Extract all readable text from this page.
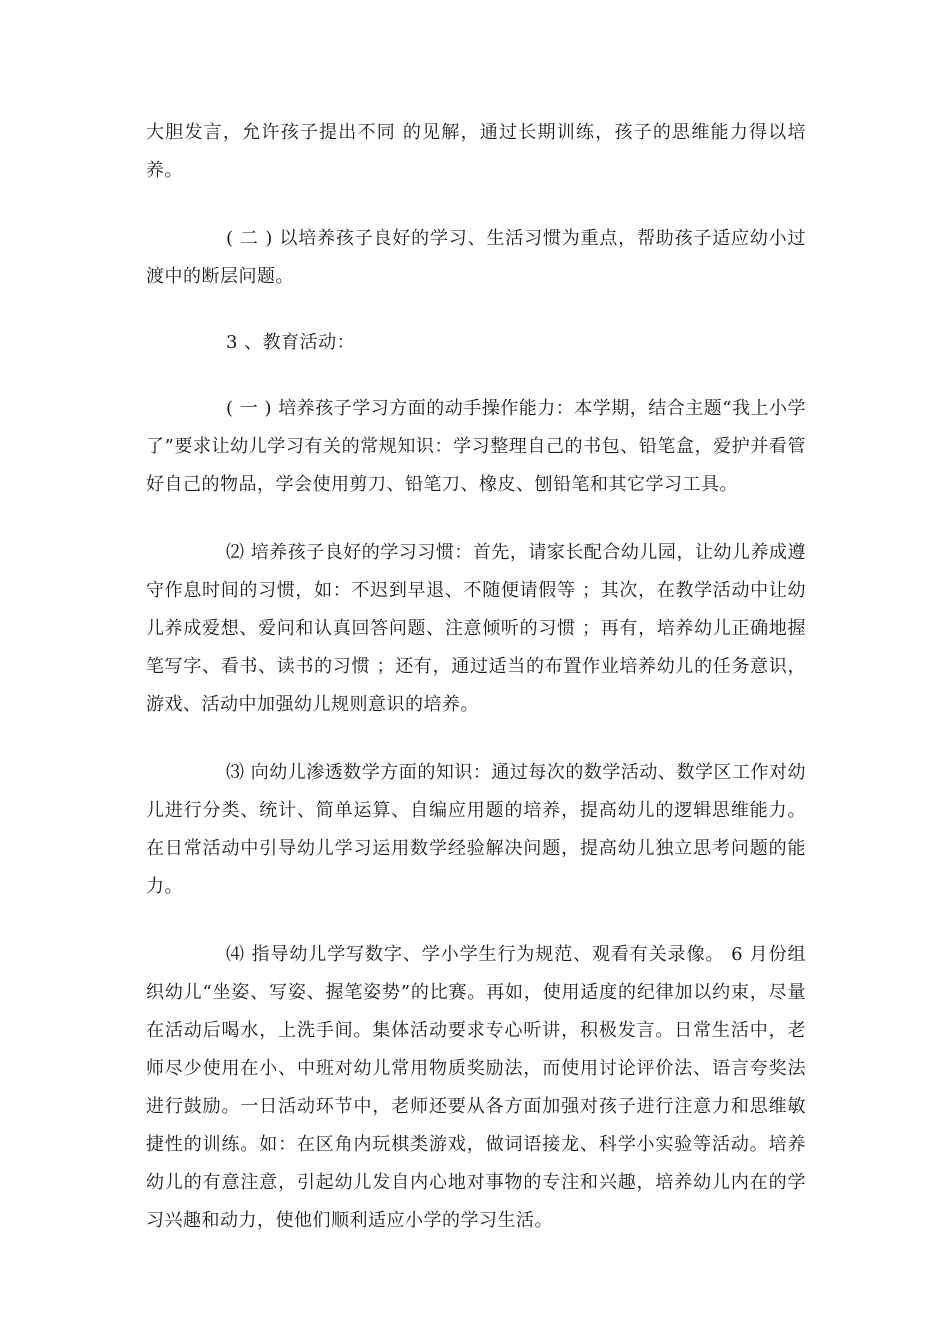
大胆发言，允许孩子提出不同 的见解，通过长期训练，孩子的思维能力得以培养。

( 二 ) 以培养孩子良好的学习、生活习惯为重点，帮助孩子适应幼小过渡中的断层问题。

3 、教育活动：

( 一 ) 培养孩子学习方面的动手操作能力：本学期，结合主题“我上小学了”要求让幼儿学习有关的常规知识：学习整理自己的书包、铅笔盒，爱护并看管好自己的物品，学会使用剪刀、铅笔刀、橡皮、刨铅笔和其它学习工具。

⑵ 培养孩子良好的学习习惯：首先，请家长配合幼儿园，让幼儿养成遵守作息时间的习惯，如：不迟到早退、不随便请假等 ；其次，在教学活动中让幼儿养成爱想、爱问和认真回答问题、注意倾听的习惯 ；再有，培养幼儿正确地握笔写字、看书、读书的习惯 ；还有，通过适当的布置作业培养幼儿的任务意识，游戏、活动中加强幼儿规则意识的培养。

⑶ 向幼儿渗透数学方面的知识：通过每次的数学活动、数学区工作对幼儿进行分类、统计、简单运算、自编应用题的培养，提高幼儿的逻辑思维能力。在日常活动中引导幼儿学习运用数学经验解决问题，提高幼儿独立思考问题的能力。

⑷ 指导幼儿学写数字、学小学生行为规范、观看有关录像。 6 月份组织幼儿“坐姿、写姿、握笔姿势”的比赛。再如，使用适度的纪律加以约束，尽量在活动后喝水，上洗手间。集体活动要求专心听讲，积极发言。日常生活中，老 师尽少使用在小、中班对幼儿常用物质奖励法，而使用讨论评价法、语言夸奖法进行鼓励。一日活动环节中，老师还要从各方面加强对孩子进行注意力和思维敏捷性的训练。如：在区角内玩棋类游戏，做词语接龙、科学小实验等活动。培养幼儿的有意注意，引起幼儿发自内心地对事物的专注和兴趣，培养幼儿内在的学习兴趣和动力，使他们顺利适应小学的学习生活。
